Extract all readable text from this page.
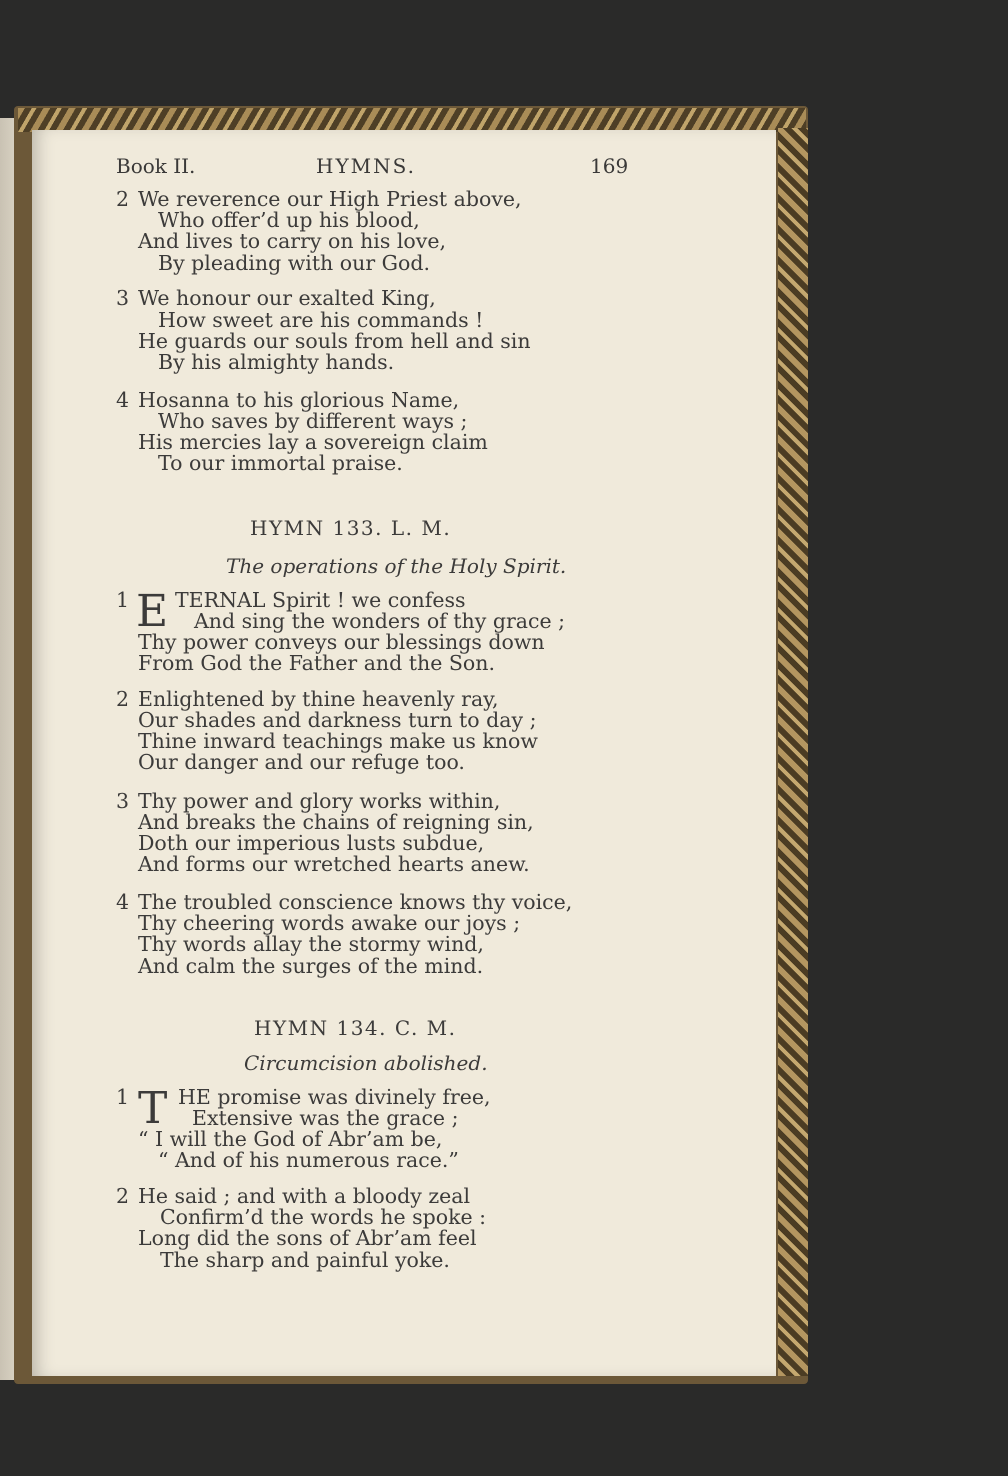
Book II.	HYMNS.	169
2 We reverence our High Priest above,
Who offer’d up his blood,
And lives to carry on his love,
By pleading with our God.
3 We honour our exalted King,
How sweet are his commands !
He guards our souls from hell and sin
By his almighty hands.
4 Hosanna to his glorious Name,
Who saves by different ways ;
His mercies lay a sovereign claim
To our immortal praise.
HYMN 133. L. M.
The operations of the Holy Spirit.
1 E TERNAL Spirit ! we confess
And sing the wonders of thy grace ;
Thy power conveys our blessings down
From God the Father and the Son.
2 Enlightened by thine heavenly ray,
Our shades and darkness turn to day ;
Thine inward teachings make us know
Our danger and our refuge too.
3 Thy power and glory works within,
And breaks the chains of reigning sin,
Doth our imperious lusts subdue,
And forms our wretched hearts anew.
4 The troubled conscience knows thy voice,
Thy cheering words awake our joys ;
Thy words allay the stormy wind,
And calm the surges of the mind.
HYMN 134. C. M.
Circumcision abolished.
1 T HE promise was divinely free,
Extensive was the grace ;
“ I will the God of Abr’am be,
“ And of his numerous race.”
2 He said ; and with a bloody zeal
Confirm’d the words he spoke :
Long did the sons of Abr’am feel
The sharp and painful yoke.
